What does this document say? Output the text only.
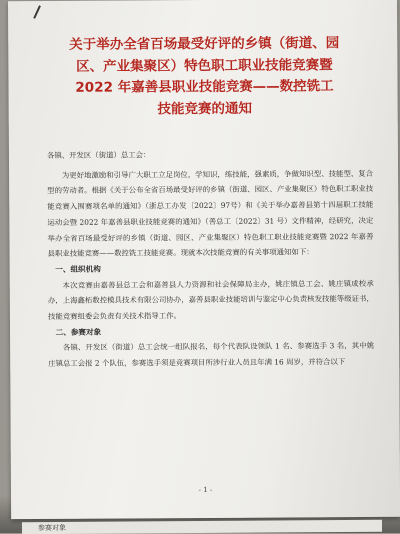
关于举办全省百场最受好评的乡镇（街道、园
区、产业集聚区）特色职工职业技能竞赛暨
2022 年嘉善县职业技能竞赛——数控铣工
技能竞赛的通知

各镇、开发区（街道）总工会：

为更好地激励和引导广大职工立足岗位，学知识，练技能，强素质，争做知识型、技能型、复合型的劳动者。根据《关于公布全省百场最受好评的乡镇（街道、园区、产业集聚区）特色职工职业技能竞赛入围赛项名单的通知》（浙总工办发〔2022〕97号）和《关于举办嘉善县第十四届职工技能运动会暨 2022 年嘉善县职业技能竞赛的通知》（善总工〔2022〕31 号）文件精神，经研究，决定举办全省百场最受好评的乡镇（街道、园区、产业集聚区）特色职工职业技能竞赛暨 2022 年嘉善县职业技能竞赛——数控铣工技能竞赛。现就本次技能竞赛的有关事项通知如下：

一、组织机构

本次竞赛由嘉善县总工会和嘉善县人力资源和社会保障局主办，姚庄镇总工会、姚庄镇成校承办，上海鑫柘数控模具技术有限公司协办，嘉善县职业技能培训与鉴定中心负责核发技能等级证书，技能竞赛组委会负责有关技术指导工作。

二、参赛对象

各镇、开发区（街道）总工会统一组队报名，每个代表队设领队 1 名、参赛选手 3 名，其中姚庄镇总工会报 2 个队伍，参赛选手须是竞赛项目所涉行业人员且年满 16 周岁，并符合以下

- 1 -
参赛对象
